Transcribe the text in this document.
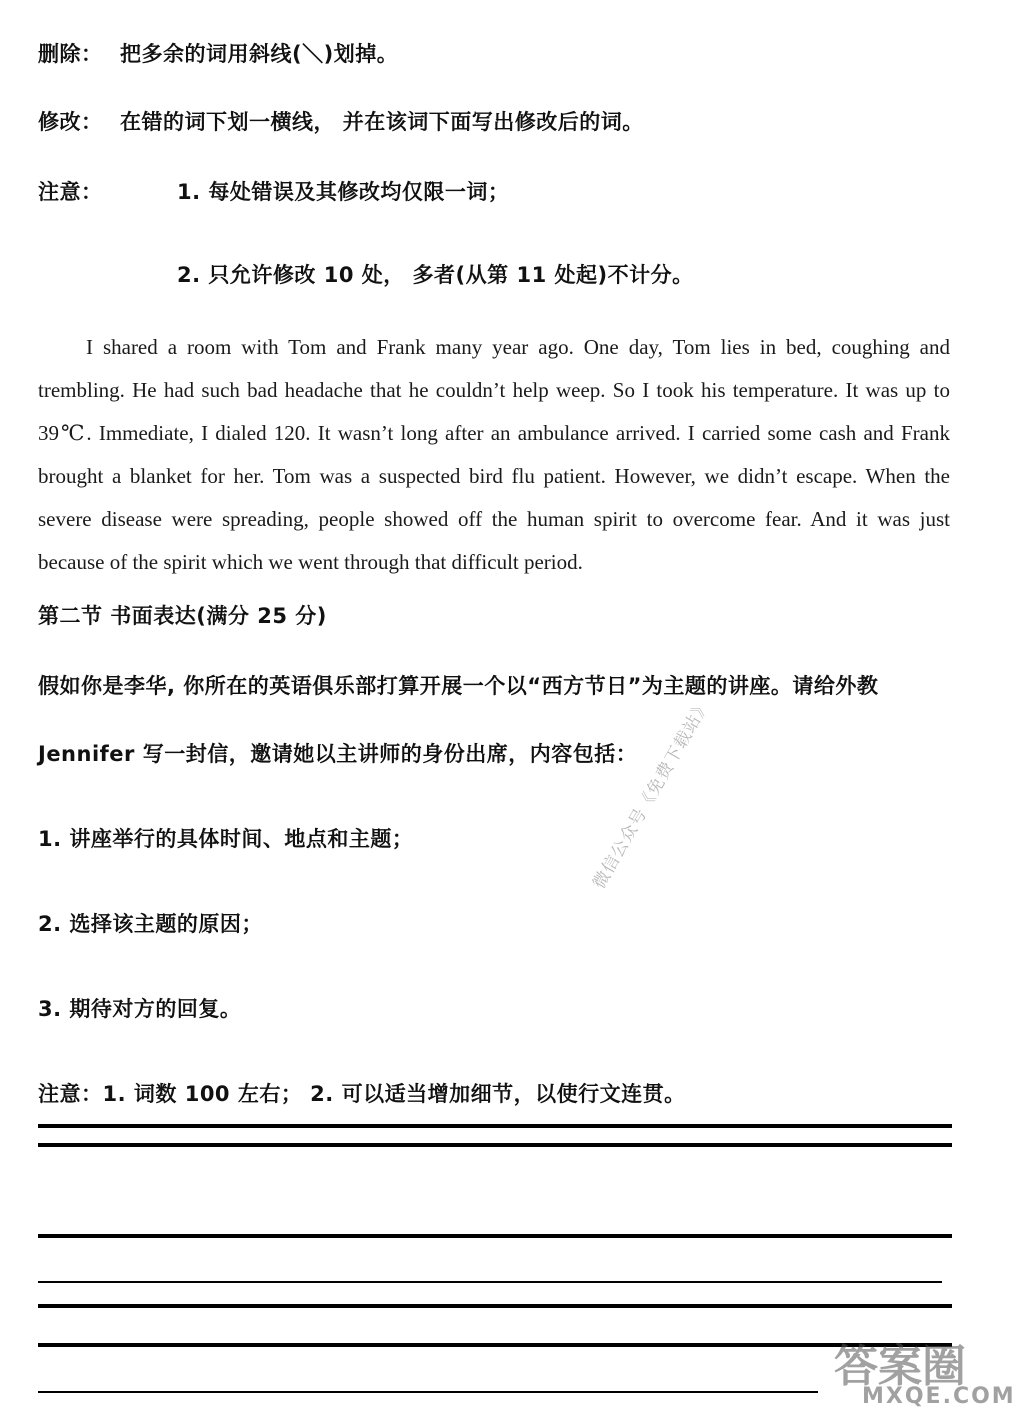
删除： 把多余的词用斜线(＼)划掉。
修改： 在错的词下划一横线， 并在该词下面写出修改后的词。
注意：	1. 每处错误及其修改均仅限一词；
2. 只允许修改 10 处， 多者(从第 11 处起)不计分。
I shared a room with Tom and Frank many year ago. One day, Tom lies in bed, coughing and trembling. He had such bad headache that he couldn’t help weep. So I took his temperature. It was up to 39℃. Immediate, I dialed 120. It wasn’t long after an ambulance arrived. I carried some cash and Frank brought a blanket for her. Tom was a suspected bird flu patient. However, we didn’t escape. When the severe disease were spreading, people showed off the human spirit to overcome fear. And it was just because of the spirit which we went through that difficult period.
第二节 书面表达(满分 25 分)
假如你是李华, 你所在的英语俱乐部打算开展一个以“西方节日”为主题的讲座。请给外教
Jennifer 写一封信，邀请她以主讲师的身份出席，内容包括：
1. 讲座举行的具体时间、地点和主题；
2. 选择该主题的原因；
3. 期待对方的回复。
注意：1. 词数 100 左右； 2. 可以适当增加细节，以使行文连贯。
微信公众号《免费下载站》
答案圈
MXQE.COM
